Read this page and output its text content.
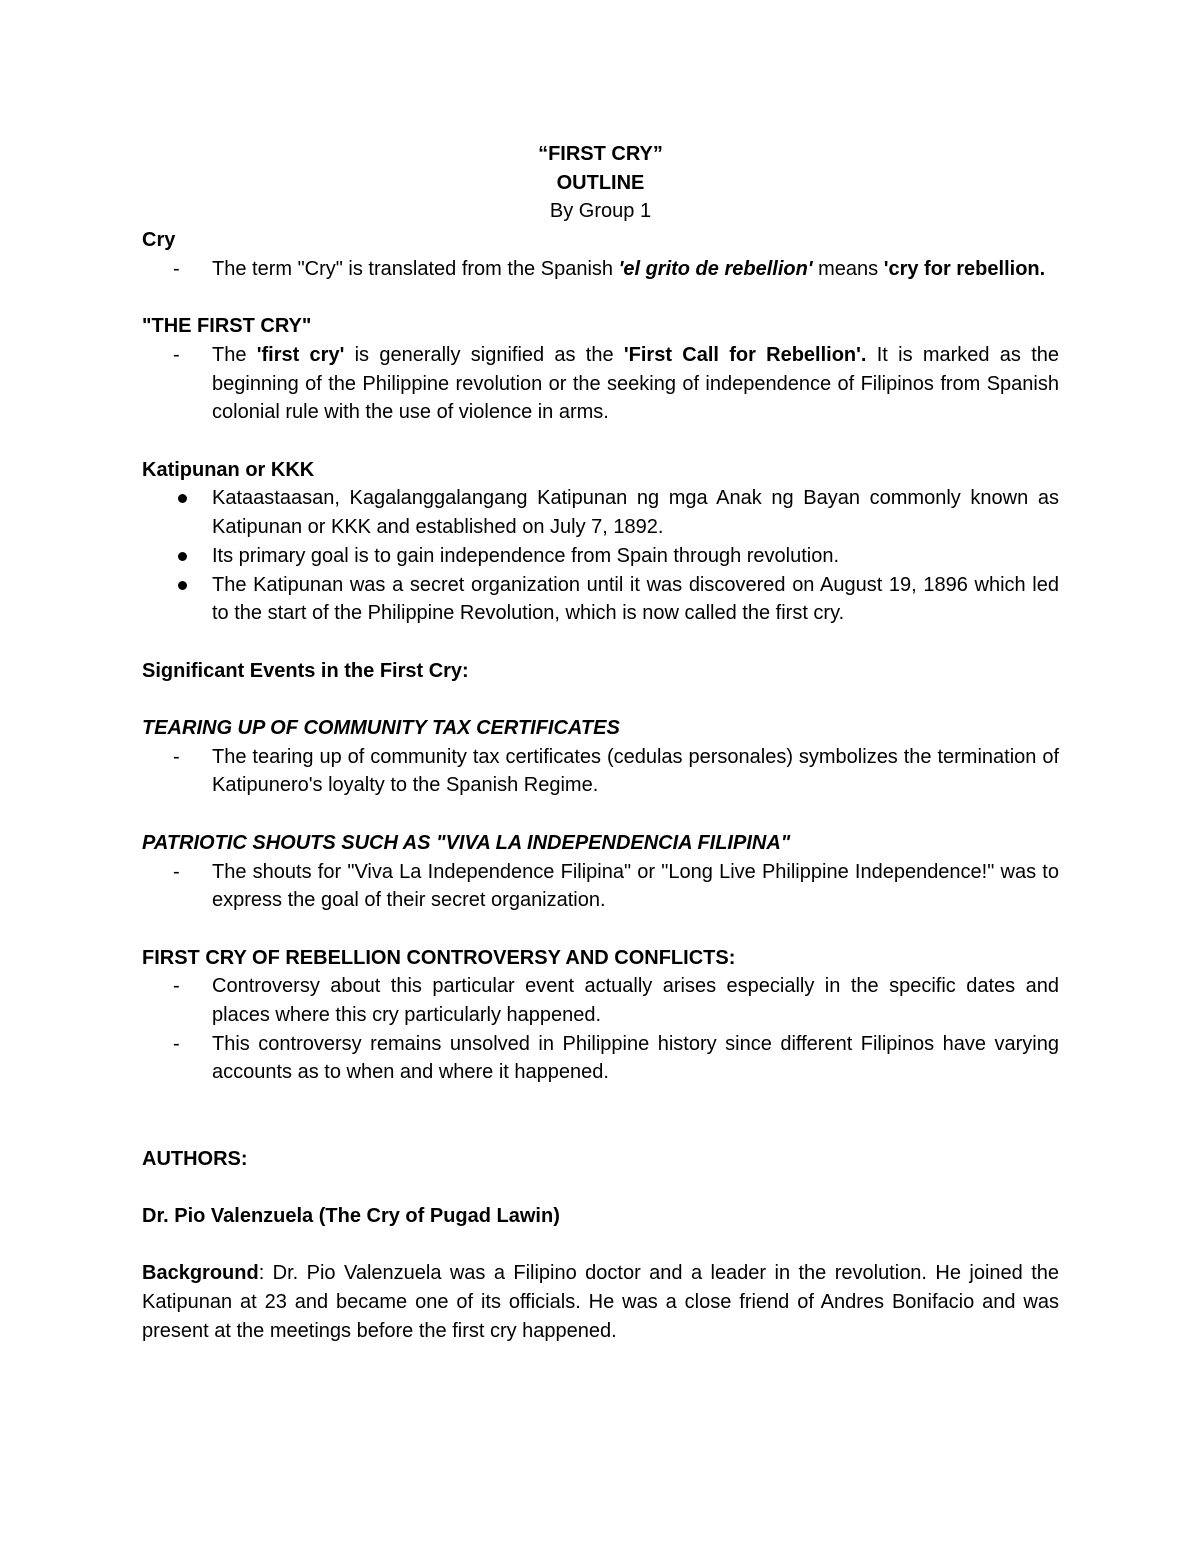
“FIRST CRY”
OUTLINE
By Group 1
Cry
- The term "Cry" is translated from the Spanish 'el grito de rebellion' means 'cry for rebellion.
"THE FIRST CRY"
- The 'first cry' is generally signified as the 'First Call for Rebellion'. It is marked as the beginning of the Philippine revolution or the seeking of independence of Filipinos from Spanish colonial rule with the use of violence in arms.
Katipunan or KKK
Kataastaasan, Kagalanggalangang Katipunan ng mga Anak ng Bayan commonly known as Katipunan or KKK and established on July 7, 1892.
Its primary goal is to gain independence from Spain through revolution.
The Katipunan was a secret organization until it was discovered on August 19, 1896 which led to the start of the Philippine Revolution, which is now called the first cry.
Significant Events in the First Cry:
TEARING UP OF COMMUNITY TAX CERTIFICATES
- The tearing up of community tax certificates (cedulas personales) symbolizes the termination of Katipunero's loyalty to the Spanish Regime.
PATRIOTIC SHOUTS SUCH AS "VIVA LA INDEPENDENCIA FILIPINA"
- The shouts for "Viva La Independence Filipina" or "Long Live Philippine Independence!" was to express the goal of their secret organization.
FIRST CRY OF REBELLION CONTROVERSY AND CONFLICTS:
- Controversy about this particular event actually arises especially in the specific dates and places where this cry particularly happened.
- This controversy remains unsolved in Philippine history since different Filipinos have varying accounts as to when and where it happened.
AUTHORS:
Dr. Pio Valenzuela (The Cry of Pugad Lawin)
Background: Dr. Pio Valenzuela was a Filipino doctor and a leader in the revolution. He joined the Katipunan at 23 and became one of its officials. He was a close friend of Andres Bonifacio and was present at the meetings before the first cry happened.
